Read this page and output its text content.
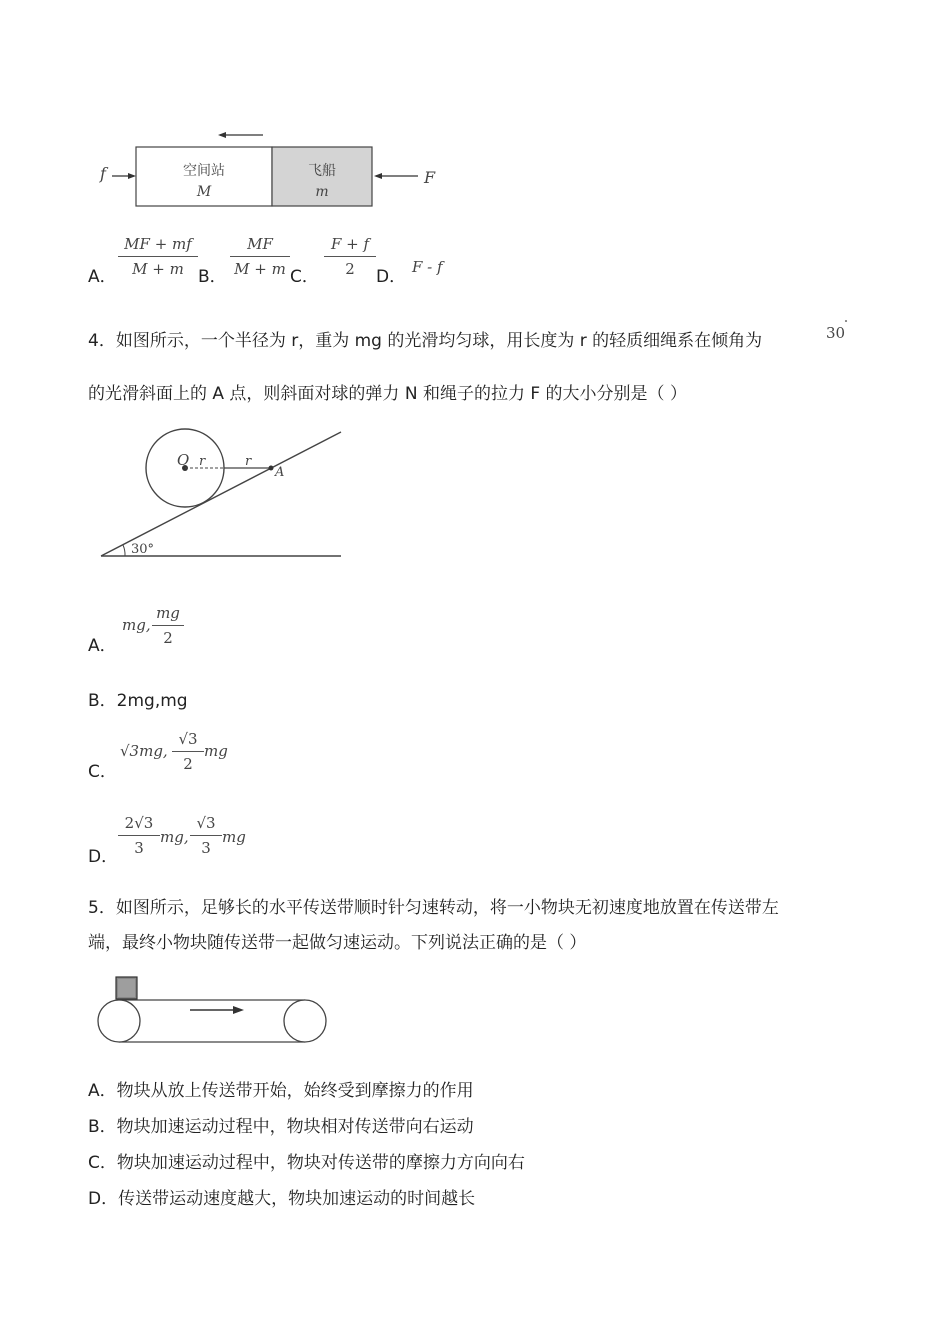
空间站
M
飞船
m
f	F
A． $\frac{MF + mf}{M + m}$ B． $\frac{MF}{M + m}$ C． $\frac{F + f}{2}$ D． F - f
4．如图所示，一个半径为 r，重为 mg 的光滑均匀球，用长度为 r 的轻质细绳系在倾角为	30
˚
的光滑斜面上的 A 点，则斜面对球的弹力 N 和绳子的拉力 F 的大小分别是（ ）
O r	r
A
30°
A．
mg, $\frac{mg}{2}$
B．2mg,mg
C．
√3mg, $\frac{√3}{2}$ mg
D． $\frac{2√3}{3}$ mg, $\frac{√3}{3}$ mg
5．如图所示，足够长的水平传送带顺时针匀速转动，将一小物块无初速度地放置在传送带左
端，最终小物块随传送带一起做匀速运动。下列说法正确的是（ ）
A．物块从放上传送带开始，始终受到摩擦力的作用
B．物块加速运动过程中，物块相对传送带向右运动
C．物块加速运动过程中，物块对传送带的摩擦力方向向右
D．传送带运动速度越大，物块加速运动的时间越长
